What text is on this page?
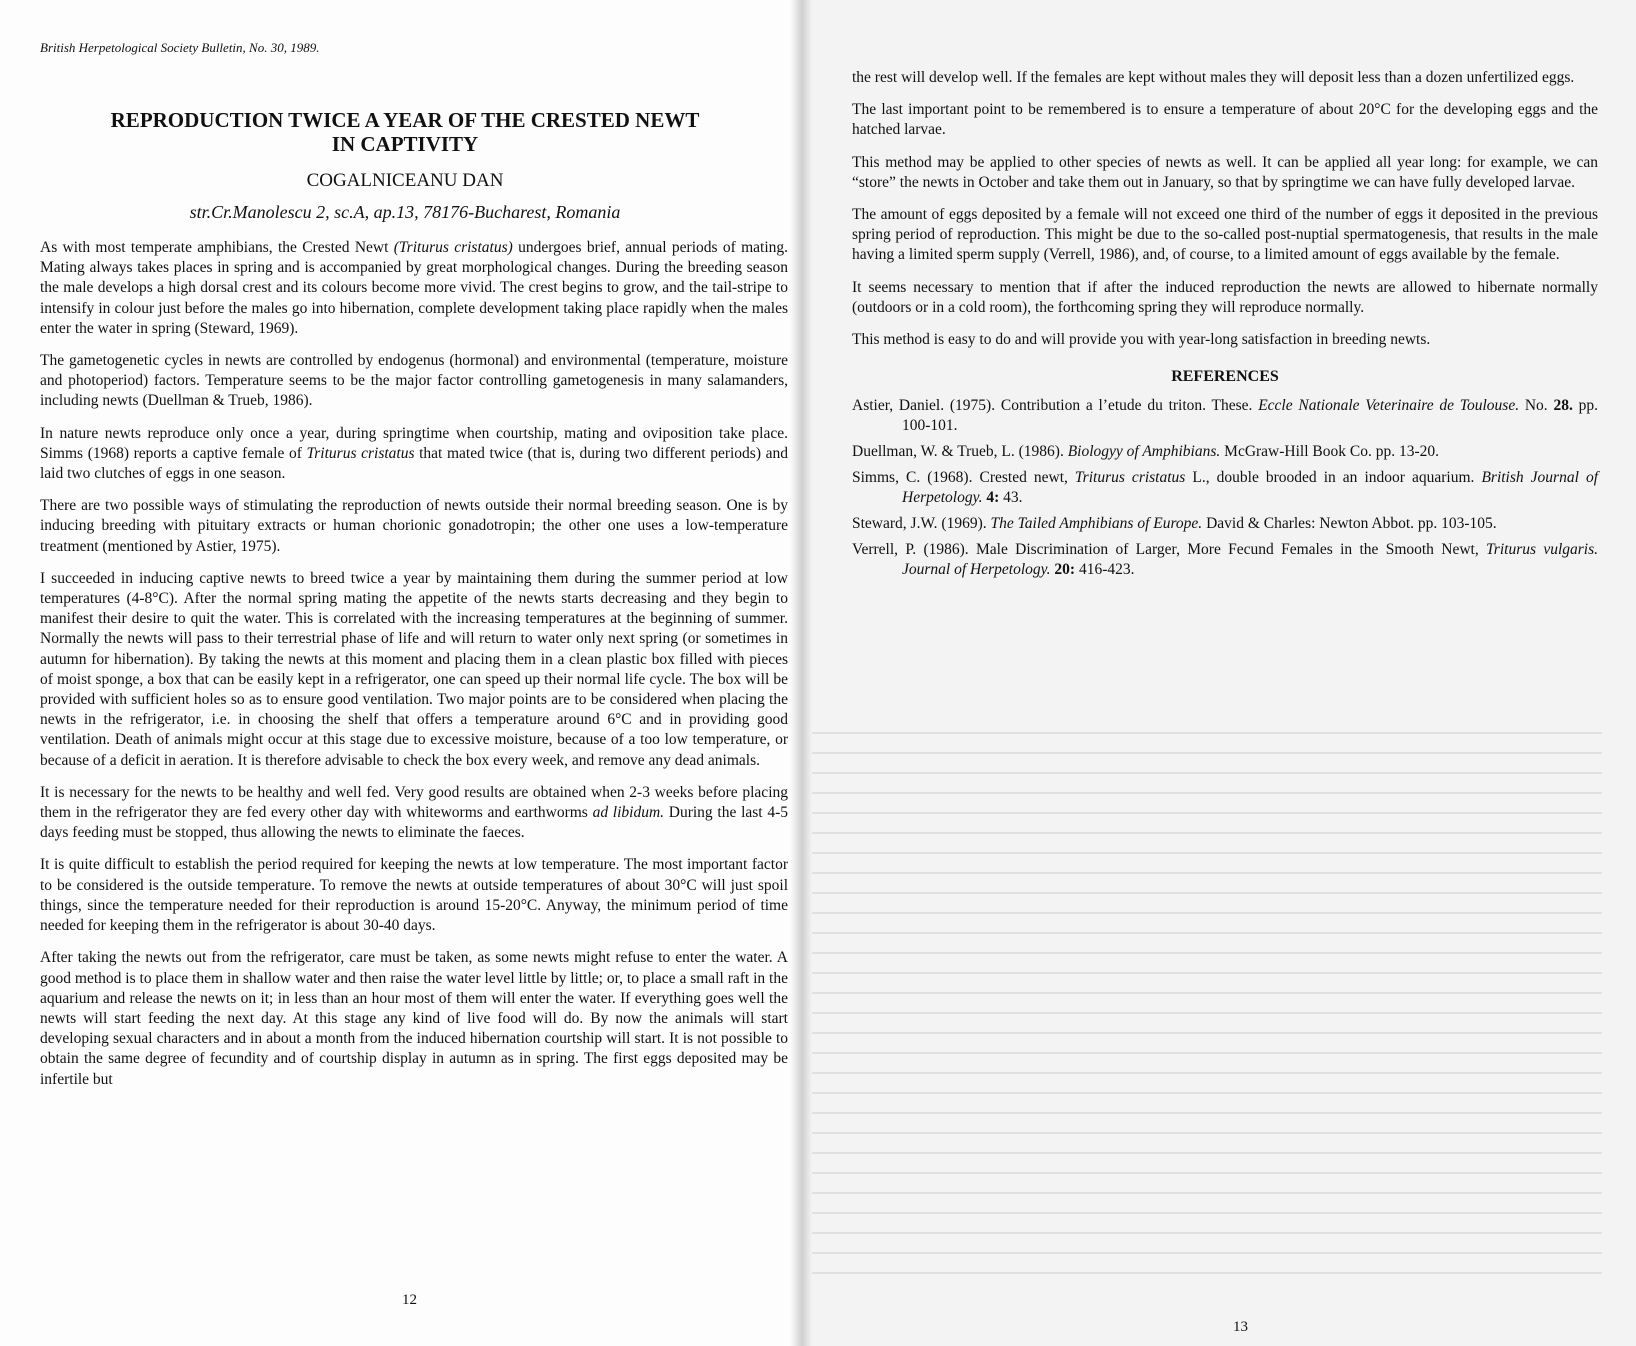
British Herpetological Society Bulletin, No. 30, 1989.
REPRODUCTION TWICE A YEAR OF THE CRESTED NEWT
IN CAPTIVITY
COGALNICEANU DAN
str.Cr.Manolescu 2, sc.A, ap.13, 78176-Bucharest, Romania

As with most temperate amphibians, the Crested Newt (Triturus cristatus) undergoes brief, annual periods of mating. Mating always takes places in spring and is accompanied by great morphological changes. During the breeding season the male develops a high dorsal crest and its colours become more vivid. The crest begins to grow, and the tail-stripe to intensify in colour just before the males go into hibernation, complete development taking place rapidly when the males enter the water in spring (Steward, 1969).

The gametogenetic cycles in newts are controlled by endogenus (hormonal) and environmental (temperature, moisture and photoperiod) factors. Temperature seems to be the major factor controlling gametogenesis in many salamanders, including newts (Duellman & Trueb, 1986).

In nature newts reproduce only once a year, during springtime when courtship, mating and oviposition take place. Simms (1968) reports a captive female of Triturus cristatus that mated twice (that is, during two different periods) and laid two clutches of eggs in one season.

There are two possible ways of stimulating the reproduction of newts outside their normal breeding season. One is by inducing breeding with pituitary extracts or human chorionic gonadotropin; the other one uses a low-temperature treatment (mentioned by Astier, 1975).

I succeeded in inducing captive newts to breed twice a year by maintaining them during the summer period at low temperatures (4-8°C). After the normal spring mating the appetite of the newts starts decreasing and they begin to manifest their desire to quit the water. This is correlated with the increasing temperatures at the beginning of summer. Normally the newts will pass to their terrestrial phase of life and will return to water only next spring (or sometimes in autumn for hibernation). By taking the newts at this moment and placing them in a clean plastic box filled with pieces of moist sponge, a box that can be easily kept in a refrigerator, one can speed up their normal life cycle. The box will be provided with sufficient holes so as to ensure good ventilation. Two major points are to be considered when placing the newts in the refrigerator, i.e. in choosing the shelf that offers a temperature around 6°C and in providing good ventilation. Death of animals might occur at this stage due to excessive moisture, because of a too low temperature, or because of a deficit in aeration. It is therefore advisable to check the box every week, and remove any dead animals.

It is necessary for the newts to be healthy and well fed. Very good results are obtained when 2-3 weeks before placing them in the refrigerator they are fed every other day with whiteworms and earthworms ad libidum. During the last 4-5 days feeding must be stopped, thus allowing the newts to eliminate the faeces.

It is quite difficult to establish the period required for keeping the newts at low temperature. The most important factor to be considered is the outside temperature. To remove the newts at outside temperatures of about 30°C will just spoil things, since the temperature needed for their reproduction is around 15-20°C. Anyway, the minimum period of time needed for keeping them in the refrigerator is about 30-40 days.

After taking the newts out from the refrigerator, care must be taken, as some newts might refuse to enter the water. A good method is to place them in shallow water and then raise the water level little by little; or, to place a small raft in the aquarium and release the newts on it; in less than an hour most of them will enter the water. If everything goes well the newts will start feeding the next day. At this stage any kind of live food will do. By now the animals will start developing sexual characters and in about a month from the induced hibernation courtship will start. It is not possible to obtain the same degree of fecundity and of courtship display in autumn as in spring. The first eggs deposited may be infertile but

12

the rest will develop well. If the females are kept without males they will deposit less than a dozen unfertilized eggs.

The last important point to be remembered is to ensure a temperature of about 20°C for the developing eggs and the hatched larvae.

This method may be applied to other species of newts as well. It can be applied all year long: for example, we can “store” the newts in October and take them out in January, so that by springtime we can have fully developed larvae.

The amount of eggs deposited by a female will not exceed one third of the number of eggs it deposited in the previous spring period of reproduction. This might be due to the so-called post-nuptial spermatogenesis, that results in the male having a limited sperm supply (Verrell, 1986), and, of course, to a limited amount of eggs available by the female.

It seems necessary to mention that if after the induced reproduction the newts are allowed to hibernate normally (outdoors or in a cold room), the forthcoming spring they will reproduce normally.

This method is easy to do and will provide you with year-long satisfaction in breeding newts.

REFERENCES

Astier, Daniel. (1975). Contribution a l’etude du triton. These. Eccle Nationale Veterinaire de Toulouse. No. 28. pp. 100-101.

Duellman, W. & Trueb, L. (1986). Biologyy of Amphibians. McGraw-Hill Book Co. pp. 13-20.

Simms, C. (1968). Crested newt, Triturus cristatus L., double brooded in an indoor aquarium. British Journal of Herpetology. 4: 43.

Steward, J.W. (1969). The Tailed Amphibians of Europe. David & Charles: Newton Abbot. pp. 103-105.

Verrell, P. (1986). Male Discrimination of Larger, More Fecund Females in the Smooth Newt, Triturus vulgaris. Journal of Herpetology. 20: 416-423.

13
